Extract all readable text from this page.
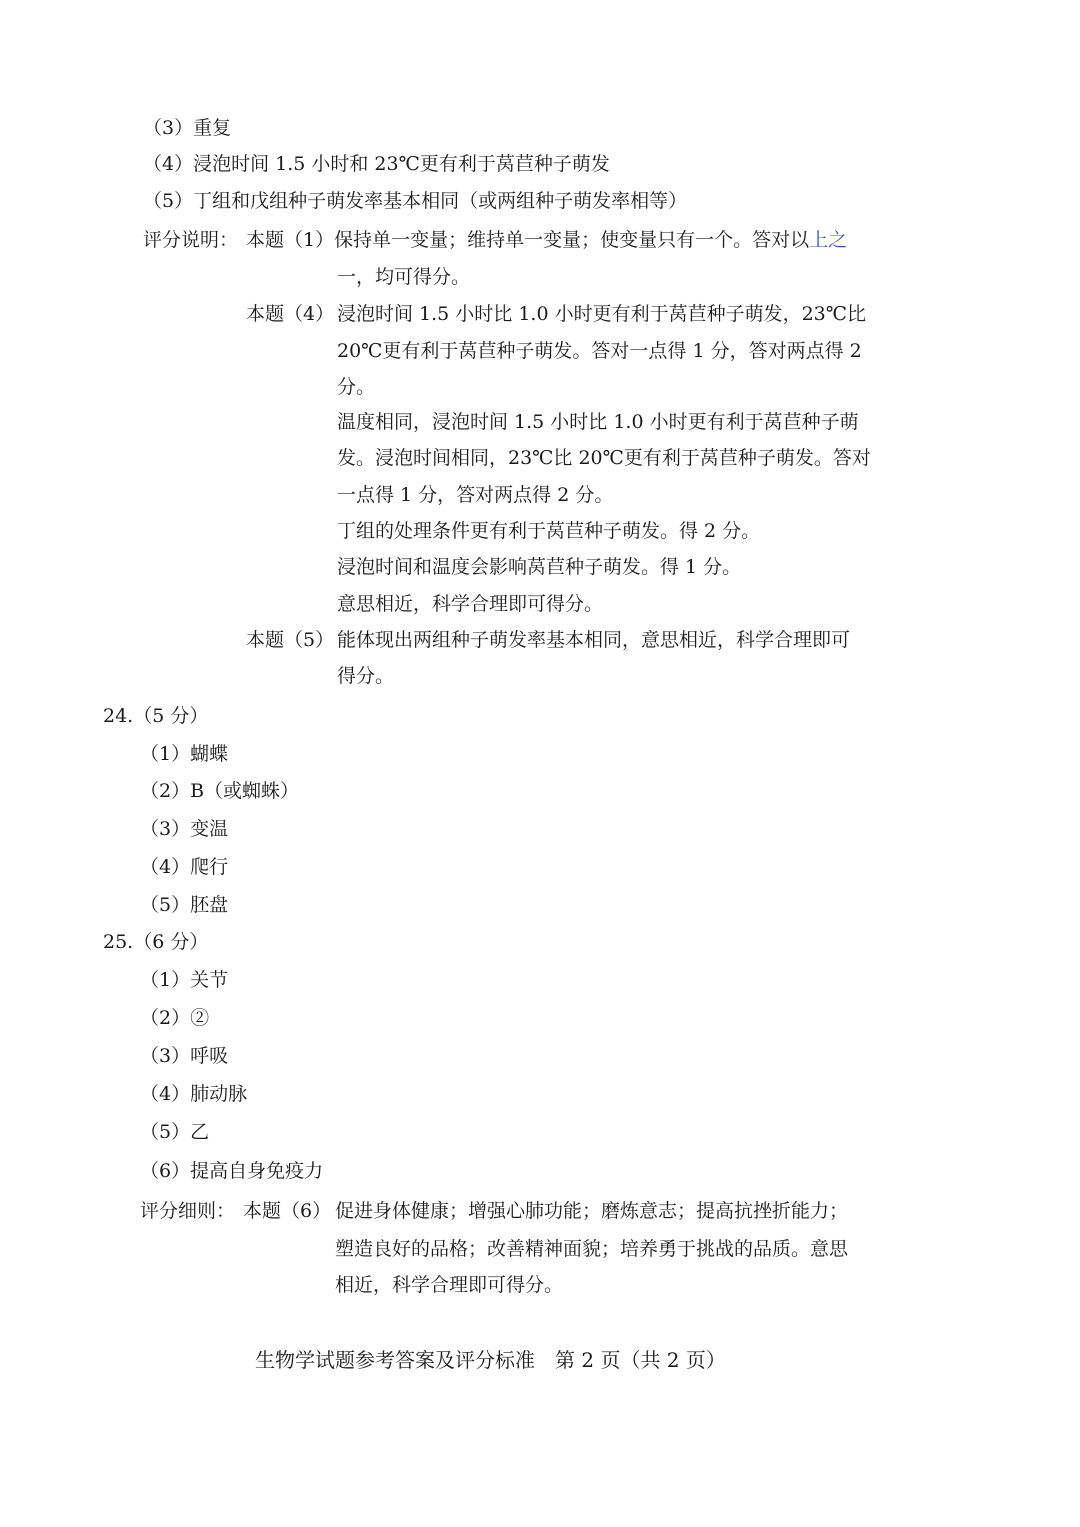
（3）重复
（4）浸泡时间 1.5 小时和 23℃更有利于莴苣种子萌发
（5）丁组和戊组种子萌发率基本相同（或两组种子萌发率相等）
评分说明： 本题（1）保持单一变量；维持单一变量；使变量只有一个。答对以上之
一，均可得分。
本题（4） 浸泡时间 1.5 小时比 1.0 小时更有利于莴苣种子萌发，23℃比
20℃更有利于莴苣种子萌发。答对一点得 1 分，答对两点得 2
分。
温度相同，浸泡时间 1.5 小时比 1.0 小时更有利于莴苣种子萌
发。浸泡时间相同，23℃比 20℃更有利于莴苣种子萌发。答对
一点得 1 分，答对两点得 2 分。
丁组的处理条件更有利于莴苣种子萌发。得 2 分。
浸泡时间和温度会影响莴苣种子萌发。得 1 分。
意思相近，科学合理即可得分。
本题（5） 能体现出两组种子萌发率基本相同，意思相近，科学合理即可
得分。
24.（5 分）
（1）蝴蝶
（2）B（或蜘蛛）
（3）变温
（4）爬行
（5）胚盘
25.（6 分）
（1）关节
（2）②
（3）呼吸
（4）肺动脉
（5）乙
（6）提高自身免疫力
评分细则： 本题（6） 促进身体健康；增强心肺功能；磨炼意志；提高抗挫折能力；
塑造良好的品格；改善精神面貌；培养勇于挑战的品质。意思
相近，科学合理即可得分。
生物学试题参考答案及评分标准　第 2 页（共 2 页）
